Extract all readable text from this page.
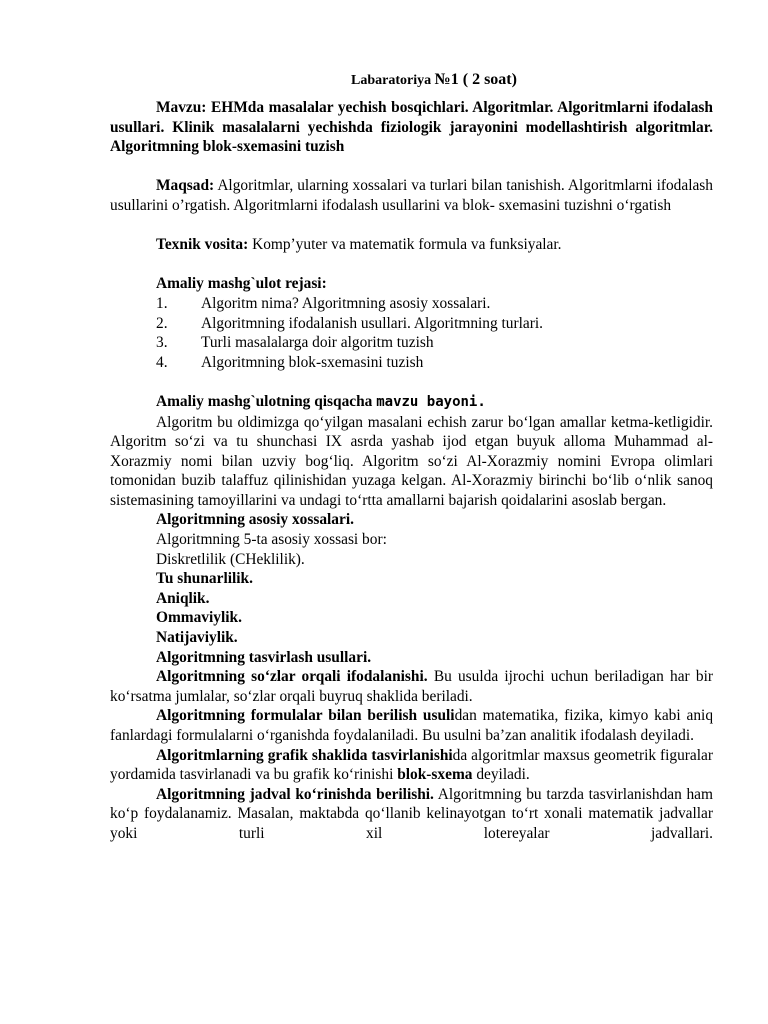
Labaratoriya №1 ( 2 soat)

Mavzu: EHMda masalalar yechish bosqichlari. Algoritmlar. Algoritmlarni ifodalash usullari. Klinik masalalarni yechishda fiziologik jarayonini modellashtirish algoritmlar. Algoritmning blok-sxemasini tuzish

Maqsad: Algoritmlar, ularning xossalari va turlari bilan tanishish. Algoritmlarni ifodalash usullarini o’rgatish. Algoritmlarni ifodalash usullarini va blok- sxemasini tuzishni o‘rgatish

Texnik vosita: Komp’yuter va matematik formula va funksiyalar.

Amaliy mashg`ulot rejasi:

1.	Algoritm nima? Algoritmning asosiy xossalari.
2.	Algoritmning ifodalanish usullari. Algoritmning turlari.
3.	Turli masalalarga doir algoritm tuzish
4.	Algoritmning blok-sxemasini tuzish

Amaliy mashg`ulotning qisqacha mavzu bayoni.

Algoritm bu oldimizga qo‘yilgan masalani echish zarur bo‘lgan amallar ketma-ketligidir. Algoritm so‘zi va tu shunchasi IX asrda yashab ijod etgan buyuk alloma Muhammad al-Xorazmiy nomi bilan uzviy bog‘liq. Algoritm so‘zi Al-Xorazmiy nomini Evropa olimlari tomonidan buzib talaffuz qilinishidan yuzaga kelgan. Al-Xorazmiy birinchi bo‘lib o‘nlik sanoq sistemasining tamoyillarini va undagi to‘rtta amallarni bajarish qoidalarini asoslab bergan.

Algoritmning asosiy xossalari.

Algoritmning 5-ta asosiy xossasi bor:

Diskretlilik (CHeklilik).

Tu shunarlilik.

Aniqlik.

Ommaviylik.

Natijaviylik.

Algoritmning tasvirlash usullari.

Algoritmning so‘zlar orqali ifodalanishi. Bu usulda ijrochi uchun beriladigan har bir ko‘rsatma jumlalar, so‘zlar orqali buyruq shaklida beriladi.

Algoritmning formulalar bilan berilish usulidan matematika, fizika, kimyo kabi aniq fanlardagi formulalarni o‘rganishda foydalaniladi. Bu usulni ba’zan analitik ifodalash deyiladi.

Algoritmlarning grafik shaklida tasvirlanishida algoritmlar maxsus geometrik figuralar yordamida tasvirlanadi va bu grafik ko‘rinishi blok-sxema deyiladi.

Algoritmning jadval ko‘rinishda berilishi. Algoritmning bu tarzda tasvirlanishdan ham ko‘p foydalanamiz. Masalan, maktabda qo‘llanib kelinayotgan to‘rt xonali matematik jadvallar yoki turli xil lotereyalar jadvallari.
